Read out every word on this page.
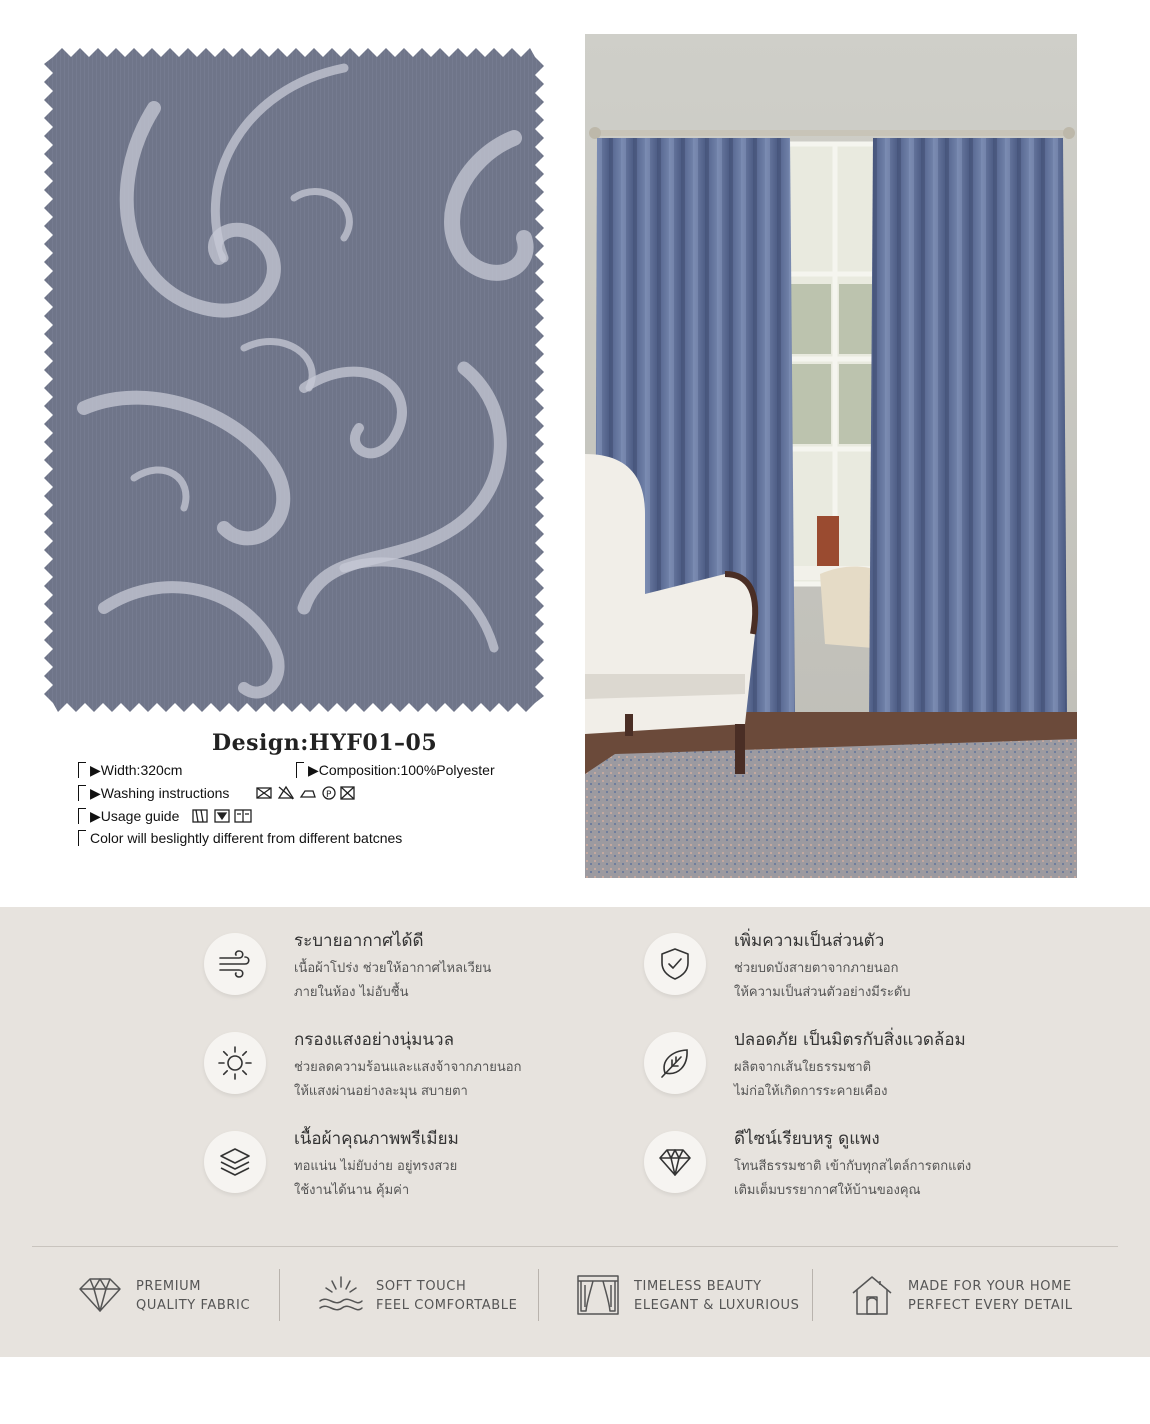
Design:HYF01–05
▶Width:320cm	▶Composition:100%Polyester
▶Washing instructions	P
▶Usage guide
Color will beslightly different from different batcnes
ระบายอากาศได้ดี
เนื้อผ้าโปร่ง ช่วยให้อากาศไหลเวียน
ภายในห้อง ไม่อับชื้น
เพิ่มความเป็นส่วนตัว
ช่วยบดบังสายตาจากภายนอก
ให้ความเป็นส่วนตัวอย่างมีระดับ
กรองแสงอย่างนุ่มนวล
ช่วยลดความร้อนและแสงจ้าจากภายนอก
ให้แสงผ่านอย่างละมุน สบายตา
ปลอดภัย เป็นมิตรกับสิ่งแวดล้อม
ผลิตจากเส้นใยธรรมชาติ
ไม่ก่อให้เกิดการระคายเคือง
เนื้อผ้าคุณภาพพรีเมียม
ทอแน่น ไม่ยับง่าย อยู่ทรงสวย
ใช้งานได้นาน คุ้มค่า
ดีไซน์เรียบหรู ดูแพง
โทนสีธรรมชาติ เข้ากับทุกสไตล์การตกแต่ง
เติมเต็มบรรยากาศให้บ้านของคุณ
PREMIUM
QUALITY FABRIC
SOFT TOUCH
FEEL COMFORTABLE
TIMELESS BEAUTY
ELEGANT & LUXURIOUS
MADE FOR YOUR HOME
PERFECT EVERY DETAIL
